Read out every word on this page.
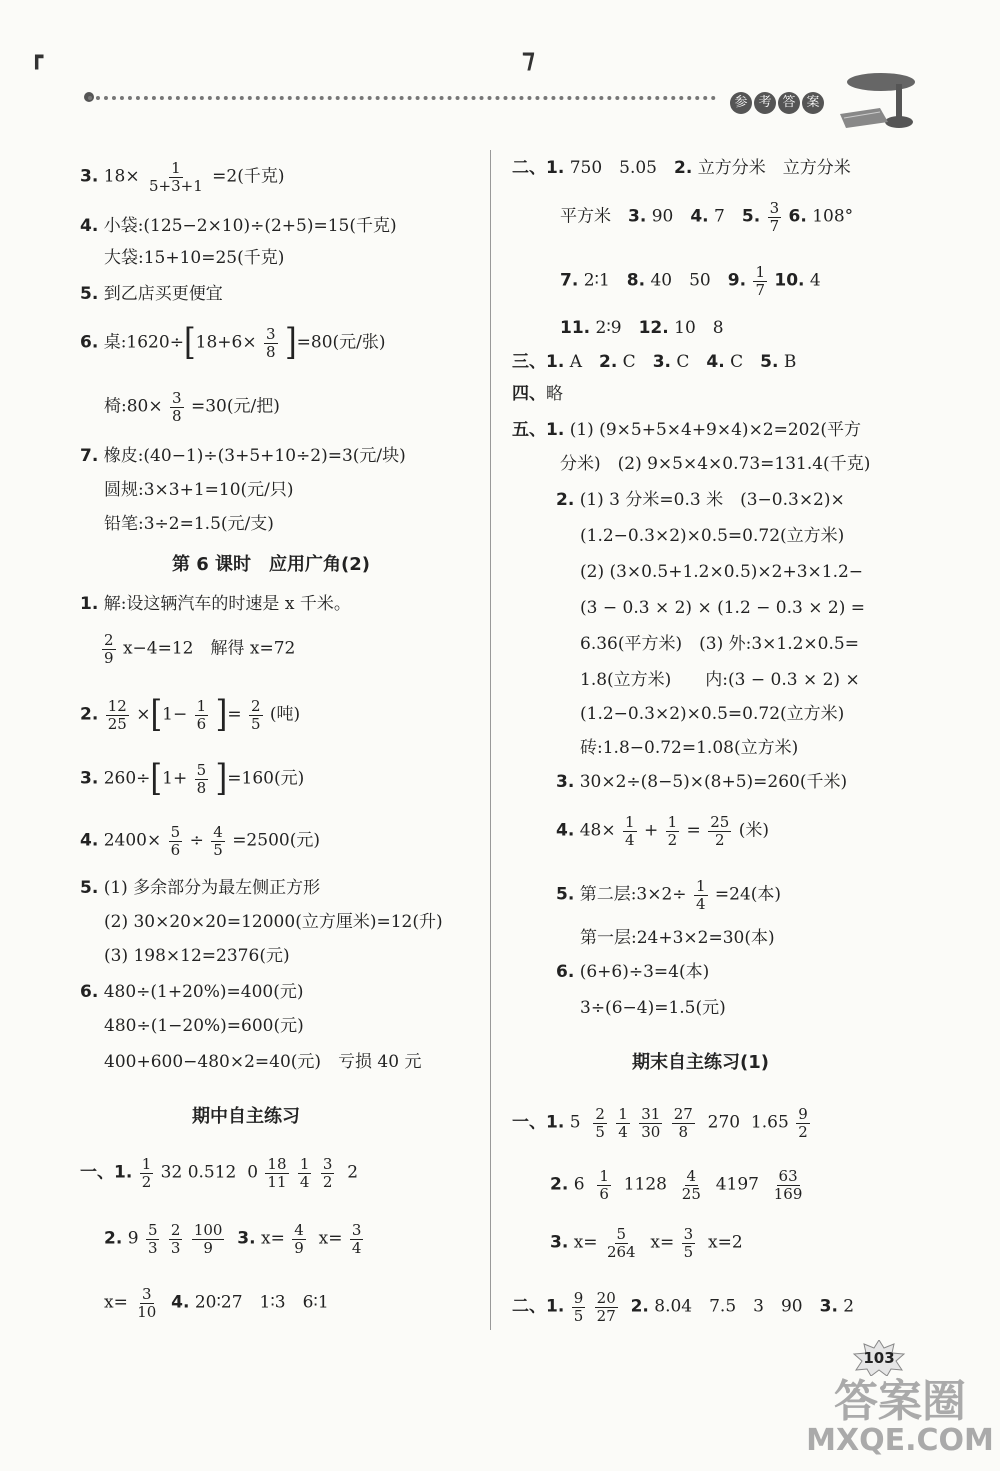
┏	⁊
参 考 答 案
3. $18\times \frac{1}{5+3+1} =2$(千克)
4. 小袋:(125−2×10)÷(2+5)=15(千克)
大袋:15+10=25(千克)
5. 到乙店买更便宜
6. 桌:1620÷[18+6× $\frac{3}{8} ]=80$(元/张)
椅:80× $\frac{3}{8} =30$(元/把)
7. 橡皮:(40−1)÷(3+5+10÷2)=3(元/块)
圆规:3×3+1=10(元/只)
铅笔:3÷2=1.5(元/支)
第 6 课时　应用广角(2)
1. 解:设这辆汽车的时速是 x 千米。
$\frac{2}{9} x-4=12$　解得 x=72
2. $\frac{12}{25} \times[1- \frac{1}{6}$ ]= $\frac{2}{5}$ (吨)
3. $260\div[1+ \frac{5}{8} ]=160$(元)
4. $2400\times \frac{5}{6} \div \frac{4}{5} =2500$(元)
5. (1) 多余部分为最左侧正方形
(2) 30×20×20=12000(立方厘米)=12(升)
(3) 198×12=2376(元)
6. 480÷(1+20%)=400(元)
480÷(1−20%)=600(元)
400+600−480×2=40(元)　亏损 40 元
期中自主练习
一、1. $\frac{1}{2} 32$ 0.512 $0 \frac{18}{11}$
$\frac{1}{4}$
$\frac{3}{2} 2$
2. $9 \frac{5}{3}$
$\frac{2}{3}$
$\frac{100}{9} 3$. $x= \frac{4}{9} x= \frac{3}{4}$
$x= \frac{3}{10} 4$. 20∶27　1∶3　6∶1
二、1. 750　5.05　2. 立方分米　立方分米
平方米　3. 90　4. 7　5. $\frac{3}{7} 6$. 108°
7. 2∶1　8. 40　50　9. $\frac{1}{7} 10$. 4
11. 2∶9　12. 10　8
三、1. A　2. C　3. C　4. C　5. B
四、略
五、1. (1) (9×5+5×4+9×4)×2=202(平方
分米)　(2) 9×5×4×0.73=131.4(千克)
2. (1) 3 分米=0.3 米　(3−0.3×2)×
(1.2−0.3×2)×0.5=0.72(立方米)
(2) (3×0.5+1.2×0.5)×2+3×1.2−
(3 − 0.3 × 2) × (1.2 − 0.3 × 2) =
6.36(平方米)　(3) 外:3×1.2×0.5=
1.8(立方米)　　内:(3 − 0.3 × 2) ×
(1.2−0.3×2)×0.5=0.72(立方米)
砖:1.8−0.72=1.08(立方米)
3. 30×2÷(8−5)×(8+5)=260(千米)
4. $48\times \frac{1}{4} + \frac{1}{2} = \frac{25}{2}$ (米)
5. 第二层:3×2÷ $\frac{1}{4} =24$(本)
第一层:24+3×2=30(本)
6. (6+6)÷3=4(本)
3÷(6−4)=1.5(元)
期末自主练习(1)
一、1. $5 \frac{2}{5}$
$\frac{1}{4}$
$\frac{31}{30}$
$\frac{27}{8} 270$ $1.65 \frac{9}{2}$
2. $6 \frac{1}{6} 1128 \frac{4}{25} 4197 \frac{63}{169}$
3. $x= \frac{5}{264} x= \frac{3}{5} x=2$
二、1. $\frac{9}{5}$
$\frac{20}{27} 2$. 8.04　7.5　3　90　3. 2
103
答案圈
MXQE.COM
